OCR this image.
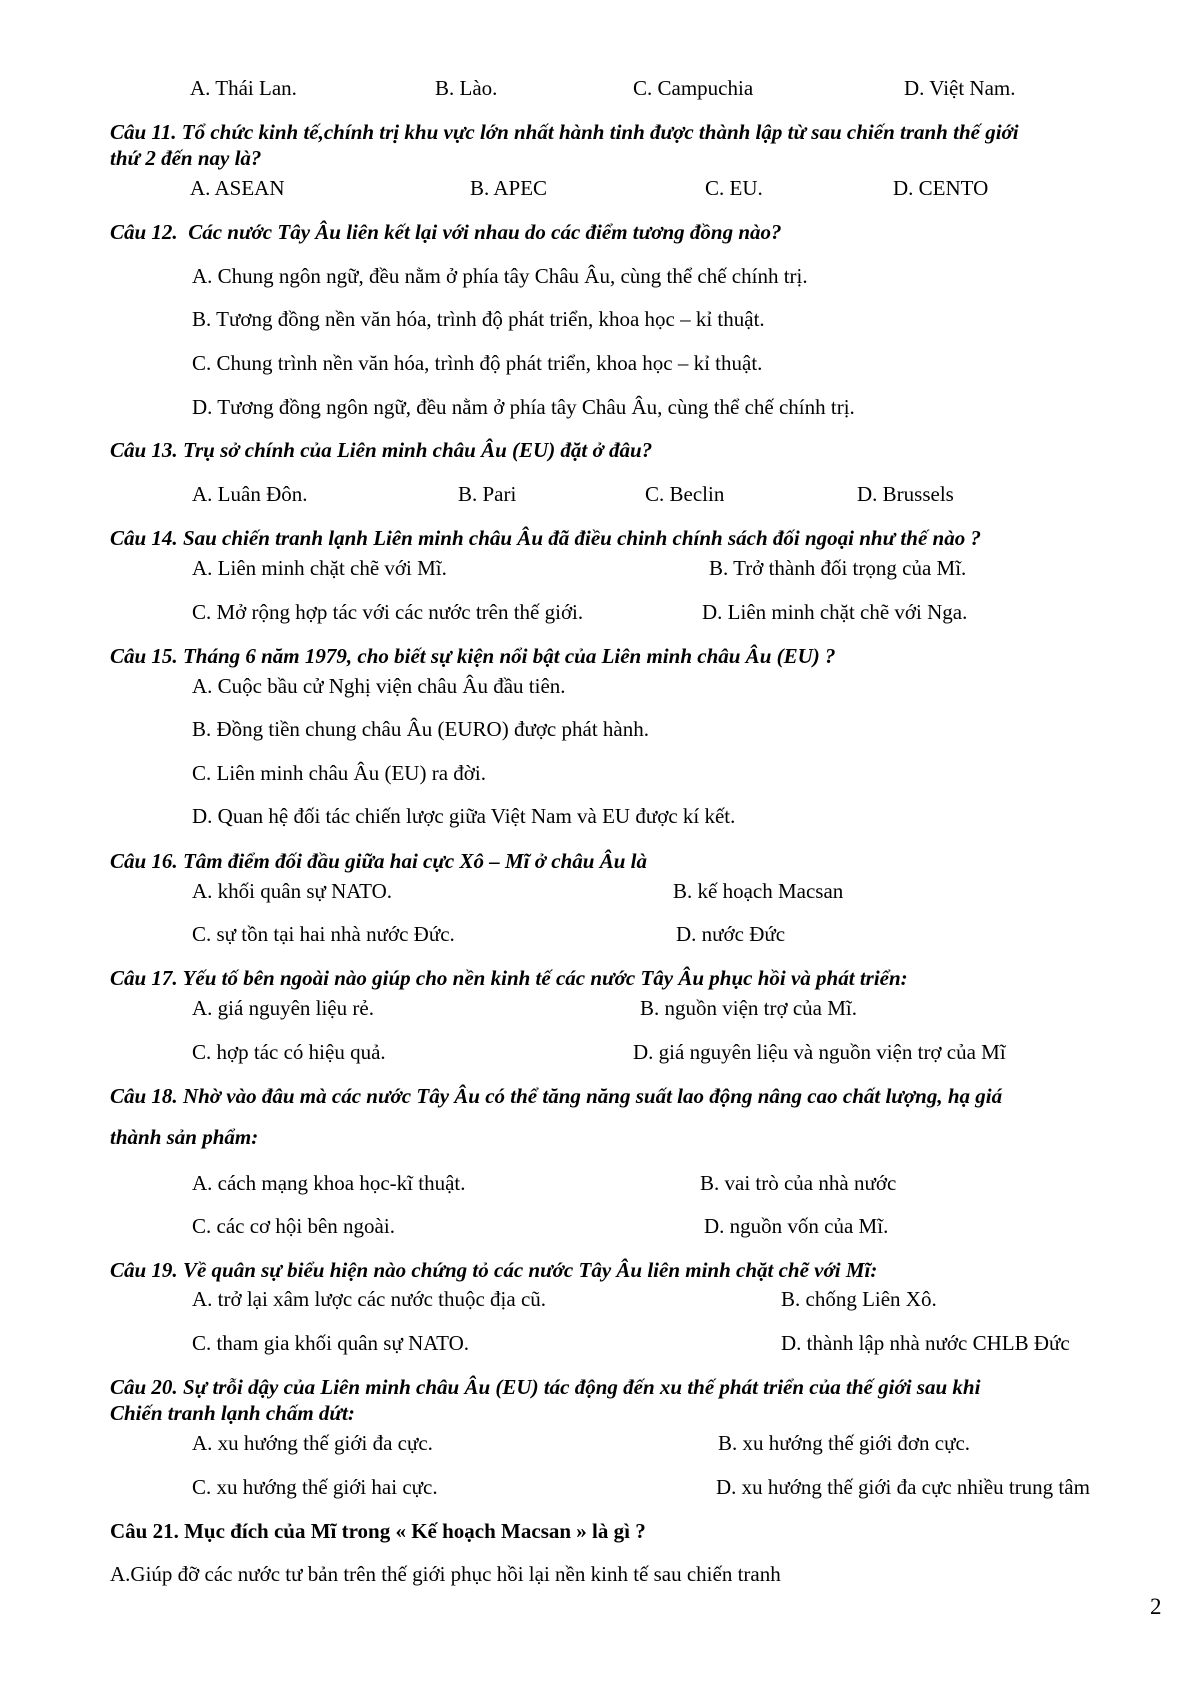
A. Thái Lan.	B. Lào.	C. Campuchia	D. Việt Nam.
Câu 11. Tổ chức kinh tế,chính trị khu vực lớn nhất hành tinh được thành lập từ sau chiến tranh thế giới
thứ 2 đến nay là?
A. ASEAN	B. APEC	C. EU.	D. CENTO
Câu 12. Các nước Tây Âu liên kết lại với nhau do các điểm tương đồng nào?
A. Chung ngôn ngữ, đều nằm ở phía tây Châu Âu, cùng thể chế chính trị.
B. Tương đồng nền văn hóa, trình độ phát triển, khoa học – kỉ thuật.
C. Chung trình nền văn hóa, trình độ phát triển, khoa học – kỉ thuật.
D. Tương đồng ngôn ngữ, đều nằm ở phía tây Châu Âu, cùng thể chế chính trị.
Câu 13. Trụ sở chính của Liên minh châu Âu (EU) đặt ở đâu?
A. Luân Đôn.	B. Pari	C. Beclin	D. Brussels
Câu 14. Sau chiến tranh lạnh Liên minh châu Âu đã điều chinh chính sách đối ngoại như thế nào ?
A. Liên minh chặt chẽ với Mĩ.	B. Trở thành đối trọng của Mĩ.
C. Mở rộng hợp tác với các nước trên thế giới.	D. Liên minh chặt chẽ với Nga.
Câu 15. Tháng 6 năm 1979, cho biết sự kiện nổi bật của Liên minh châu Âu (EU) ?
A. Cuộc bầu cử Nghị viện châu Âu đầu tiên.
B. Đồng tiền chung châu Âu (EURO) được phát hành.
C. Liên minh châu Âu (EU) ra đời.
D. Quan hệ đối tác chiến lược giữa Việt Nam và EU được kí kết.
Câu 16. Tâm điểm đối đầu giữa hai cực Xô – Mĩ ở châu Âu là
A. khối quân sự NATO.	B. kế hoạch Macsan
C. sự tồn tại hai nhà nước Đức.	D. nước Đức
Câu 17. Yếu tố bên ngoài nào giúp cho nền kinh tế các nước Tây Âu phục hồi và phát triển:
A. giá nguyên liệu rẻ.	B. nguồn viện trợ của Mĩ.
C. hợp tác có hiệu quả.	D. giá nguyên liệu và nguồn viện trợ của Mĩ
Câu 18. Nhờ vào đâu mà các nước Tây Âu có thể tăng năng suất lao động nâng cao chất lượng, hạ giá
thành sản phẩm:
A. cách mạng khoa học-kĩ thuật.	B. vai trò của nhà nước
C. các cơ hội bên ngoài.	D. nguồn vốn của Mĩ.
Câu 19. Về quân sự biểu hiện nào chứng tỏ các nước Tây Âu liên minh chặt chẽ với Mĩ:
A. trở lại xâm lược các nước thuộc địa cũ.	B. chống Liên Xô.
C. tham gia khối quân sự NATO.	D. thành lập nhà nước CHLB Đức
Câu 20. Sự trỗi dậy của Liên minh châu Âu (EU) tác động đến xu thế phát triển của thế giới sau khi
Chiến tranh lạnh chấm dứt:
A. xu hướng thế giới đa cực.	B. xu hướng thế giới đơn cực.
C. xu hướng thế giới hai cực.	D. xu hướng thế giới đa cực nhiều trung tâm
Câu 21. Mục đích của Mĩ trong « Kế hoạch Macsan » là gì ?
A.Giúp đỡ các nước tư bản trên thế giới phục hồi lại nền kinh tế sau chiến tranh
2
